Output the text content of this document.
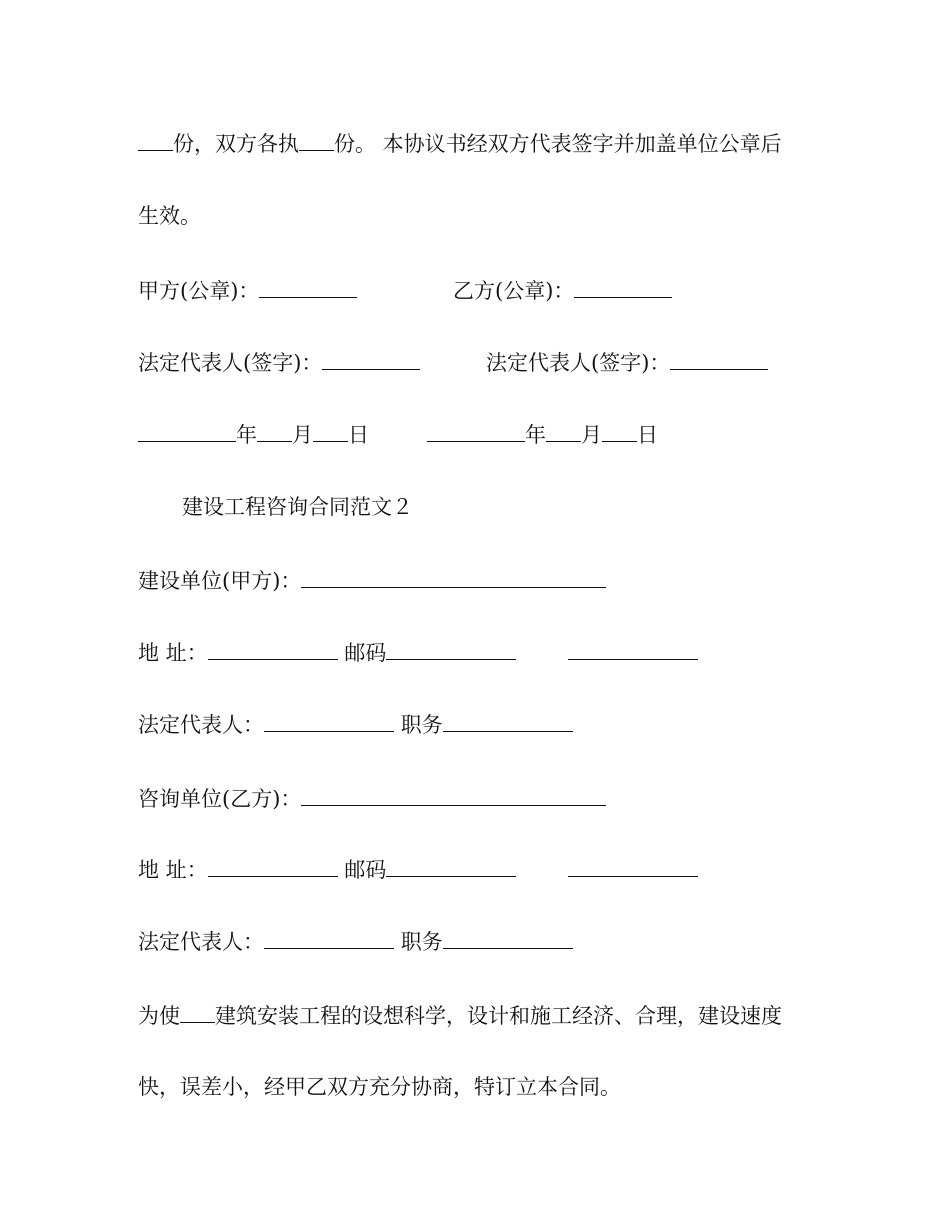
份，双方各执 份。 本协议书经双方代表签字并加盖单位公章后
生效。
甲方(公章)：	乙方(公章)：
法定代表人(签字)：	法定代表人(签字)：
年 月 日	年 月 日
建设工程咨询合同范文２
建设单位(甲方)：
地 址：	邮码
法定代表人：	职务
咨询单位(乙方)：
地 址：	邮码
法定代表人：	职务
为使 建筑安装工程的设想科学，设计和施工经济、合理，建设速度
快，误差小，经甲乙双方充分协商，特订立本合同。
